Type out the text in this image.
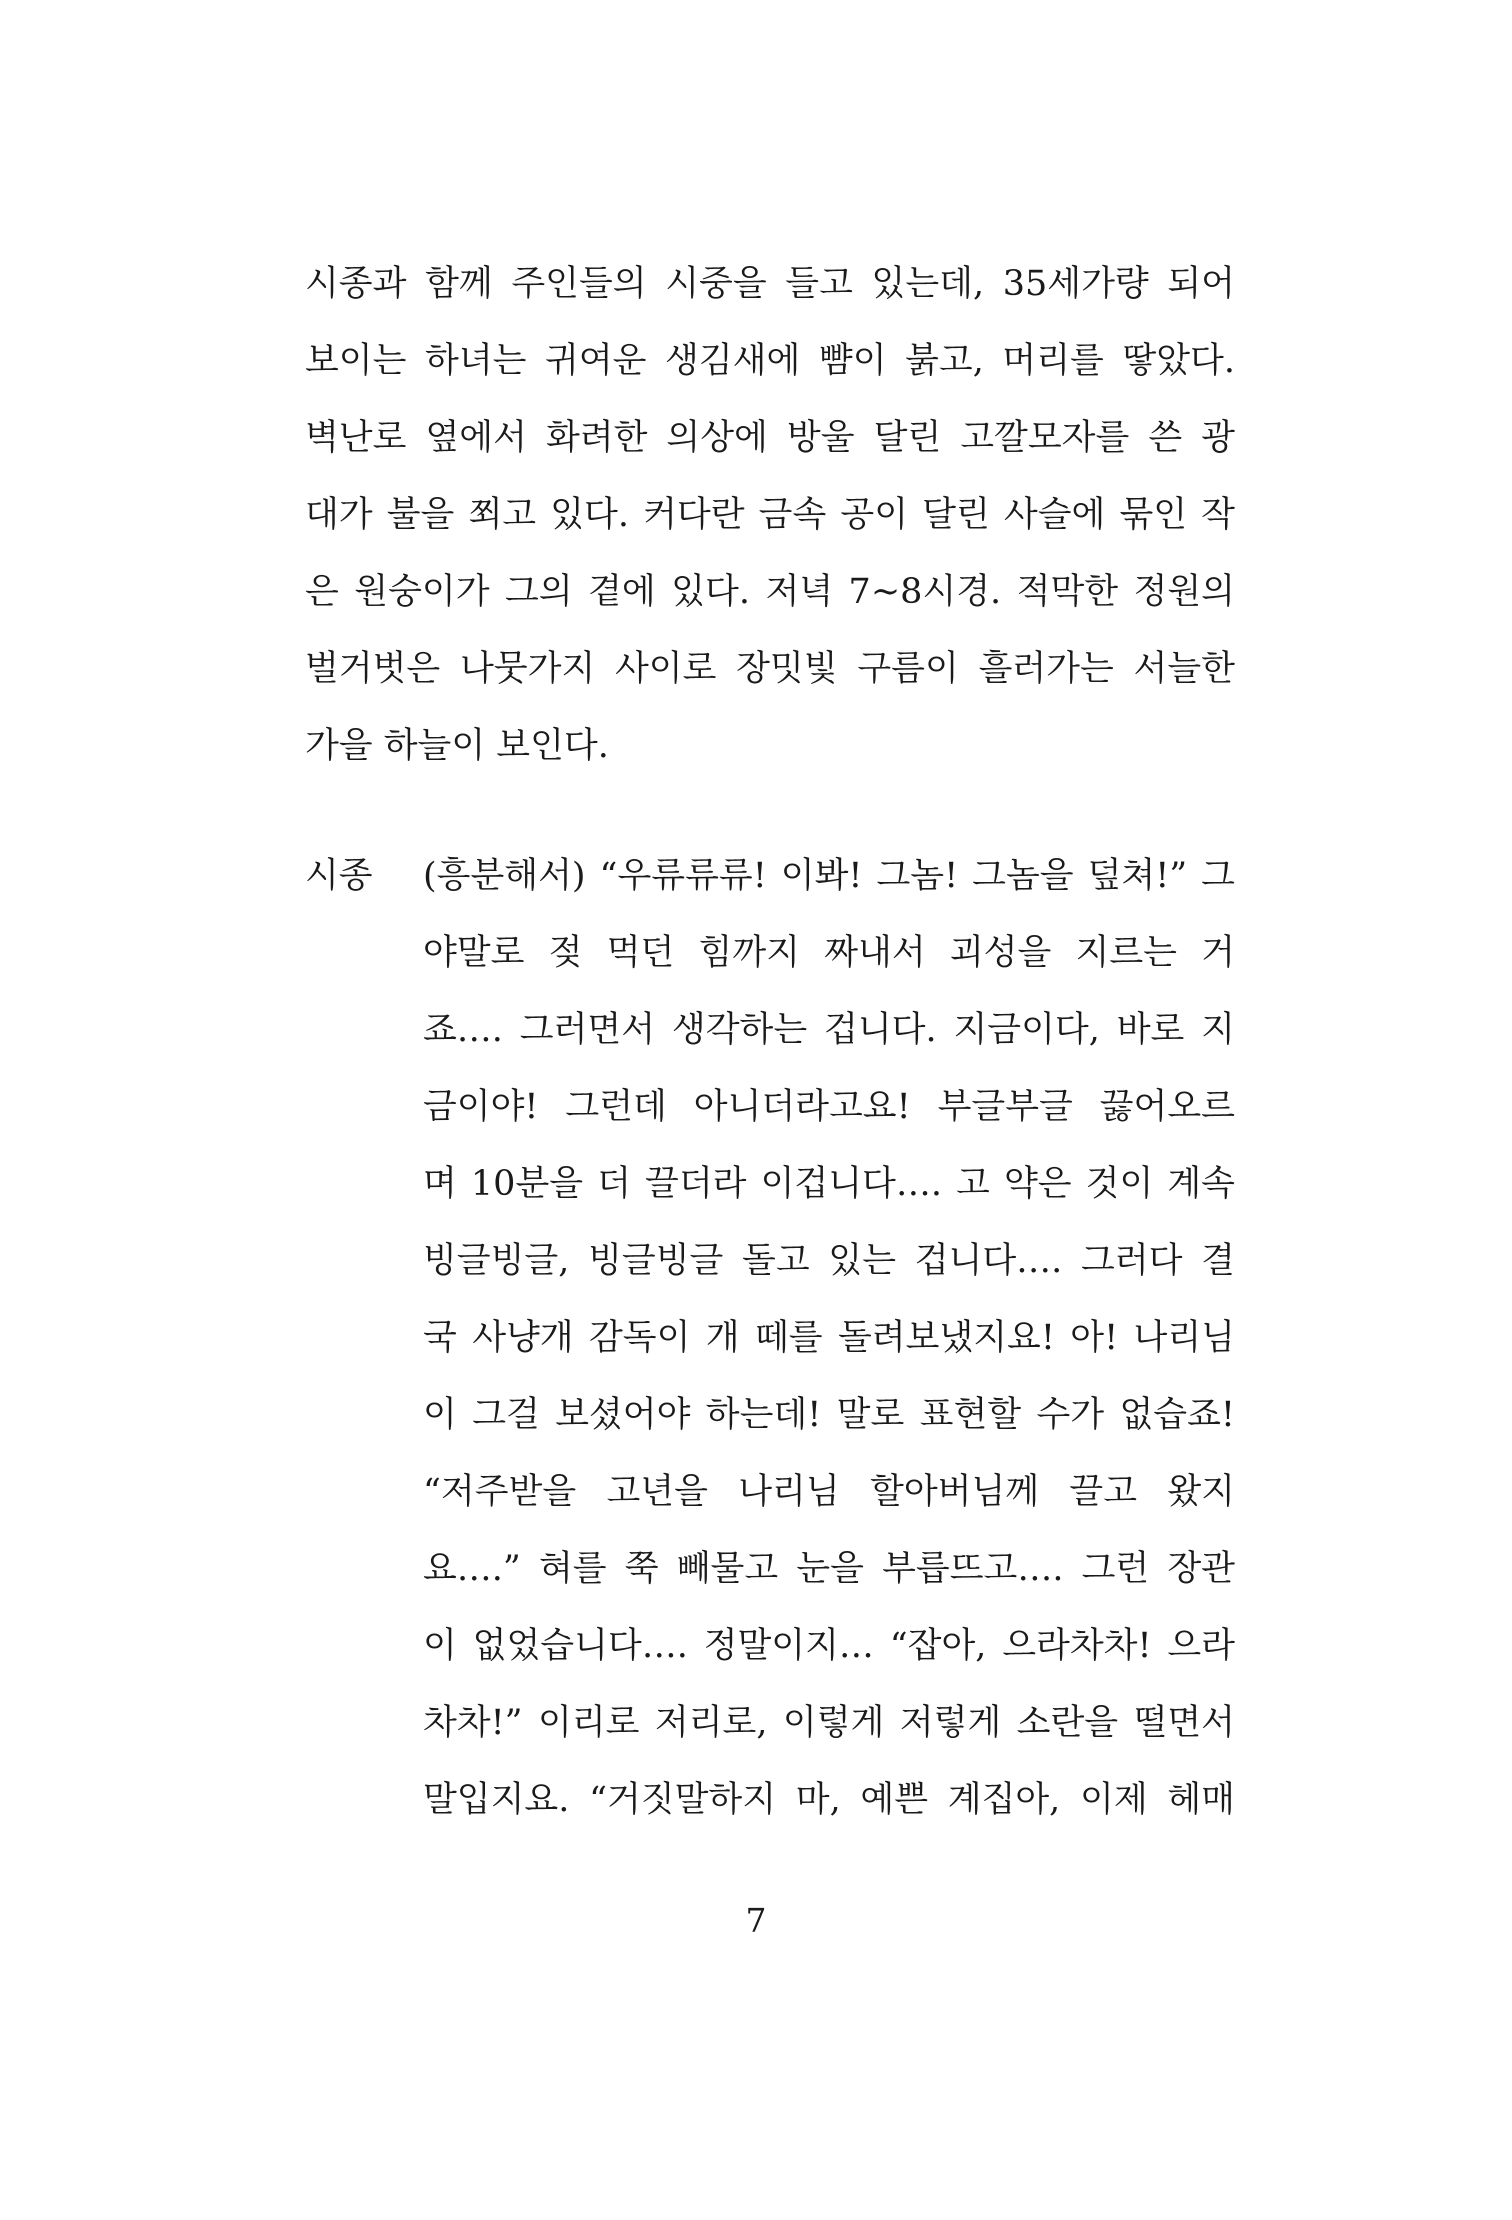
시종과 함께 주인들의 시중을 들고 있는데, 35세가량 되어
보이는 하녀는 귀여운 생김새에 뺨이 붉고, 머리를 땋았다.
벽난로 옆에서 화려한 의상에 방울 달린 고깔모자를 쓴 광
대가 불을 쬐고 있다. 커다란 금속 공이 달린 사슬에 묶인 작
은 원숭이가 그의 곁에 있다. 저녁 7~8시경. 적막한 정원의
벌거벗은 나뭇가지 사이로 장밋빛 구름이 흘러가는 서늘한
가을 하늘이 보인다.
시종 (흥분해서) “우류류류! 이봐! 그놈! 그놈을 덮쳐!” 그
야말로 젖 먹던 힘까지 짜내서 괴성을 지르는 거
죠…. 그러면서 생각하는 겁니다. 지금이다, 바로 지
금이야! 그런데 아니더라고요! 부글부글 끓어오르
며 10분을 더 끌더라 이겁니다…. 고 약은 것이 계속
빙글빙글, 빙글빙글 돌고 있는 겁니다…. 그러다 결
국 사냥개 감독이 개 떼를 돌려보냈지요! 아! 나리님
이 그걸 보셨어야 하는데! 말로 표현할 수가 없습죠!
“저주받을 고년을 나리님 할아버님께 끌고 왔지
요….” 혀를 쭉 빼물고 눈을 부릅뜨고…. 그런 장관
이 없었습니다…. 정말이지… “잡아, 으라차차! 으라
차차!” 이리로 저리로, 이렇게 저렇게 소란을 떨면서
말입지요. “거짓말하지 마, 예쁜 계집아, 이제 헤매
7
